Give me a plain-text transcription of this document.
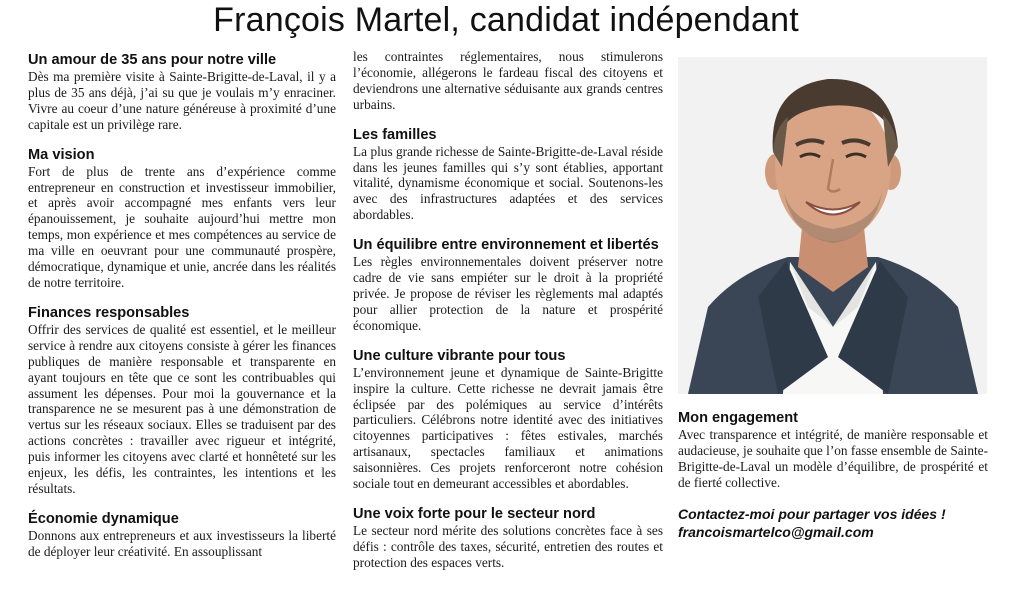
François Martel, candidat indépendant
Un amour de 35 ans pour notre ville

Dès ma première visite à Sainte-Brigitte-de-Laval, il y a plus de 35 ans déjà, j’ai su que je voulais m’y enraciner. Vivre au coeur d’une nature généreuse à proximité d’une capitale est un privilège rare.

Ma vision

Fort de plus de trente ans d’expérience comme entrepreneur en construction et investisseur immobilier, et après avoir accompagné mes enfants vers leur épanouissement, je souhaite aujourd’hui mettre mon temps, mon expérience et mes compétences au service de ma ville en oeuvrant pour une communauté prospère, démocratique, dynamique et unie, ancrée dans les réalités de notre territoire.

Finances responsables

Offrir des services de qualité est essentiel, et le meilleur service à rendre aux citoyens consiste à gérer les finances publiques de manière responsable et transparente en ayant toujours en tête que ce sont les contribuables qui assument les dépenses. Pour moi la gouvernance et la transparence ne se mesurent pas à une démonstration de vertus sur les réseaux sociaux. Elles se traduisent par des actions concrètes : travailler avec rigueur et intégrité, puis informer les citoyens avec clarté et honnêteté sur les enjeux, les défis, les contraintes, les intentions et les résultats.

Économie dynamique

Donnons aux entrepreneurs et aux investisseurs la liberté de déployer leur créativité. En assouplissant

les contraintes réglementaires, nous stimulerons l’économie, allégerons le fardeau fiscal des citoyens et deviendrons une alternative séduisante aux grands centres urbains.

Les familles

La plus grande richesse de Sainte-Brigitte-de-Laval réside dans les jeunes familles qui s’y sont établies, apportant vitalité, dynamisme économique et social. Soutenons-les avec des infrastructures adaptées et des services abordables.

Un équilibre entre environnement et libertés

Les règles environnementales doivent préserver notre cadre de vie sans empiéter sur le droit à la propriété privée. Je propose de réviser les règlements mal adaptés pour allier protection de la nature et prospérité économique.

Une culture vibrante pour tous

L’environnement jeune et dynamique de Sainte-Brigitte inspire la culture. Cette richesse ne devrait jamais être éclipsée par des polémiques au service d’intérêts particuliers. Célébrons notre identité avec des initiatives citoyennes participatives : fêtes estivales, marchés artisanaux, spectacles familiaux et animations saisonnières. Ces projets renforceront notre cohésion sociale tout en demeurant accessibles et abordables.

Une voix forte pour le secteur nord

Le secteur nord mérite des solutions concrètes face à ses défis : contrôle des taxes, sécurité, entretien des routes et protection des espaces verts.

Mon engagement

Avec transparence et intégrité, de manière responsable et audacieuse, je souhaite que l’on fasse ensemble de Sainte-Brigitte-de-Laval un modèle d’équilibre, de prospérité et de fierté collective.

Contactez-moi pour partager vos idées !
francoismartelco@gmail.com
